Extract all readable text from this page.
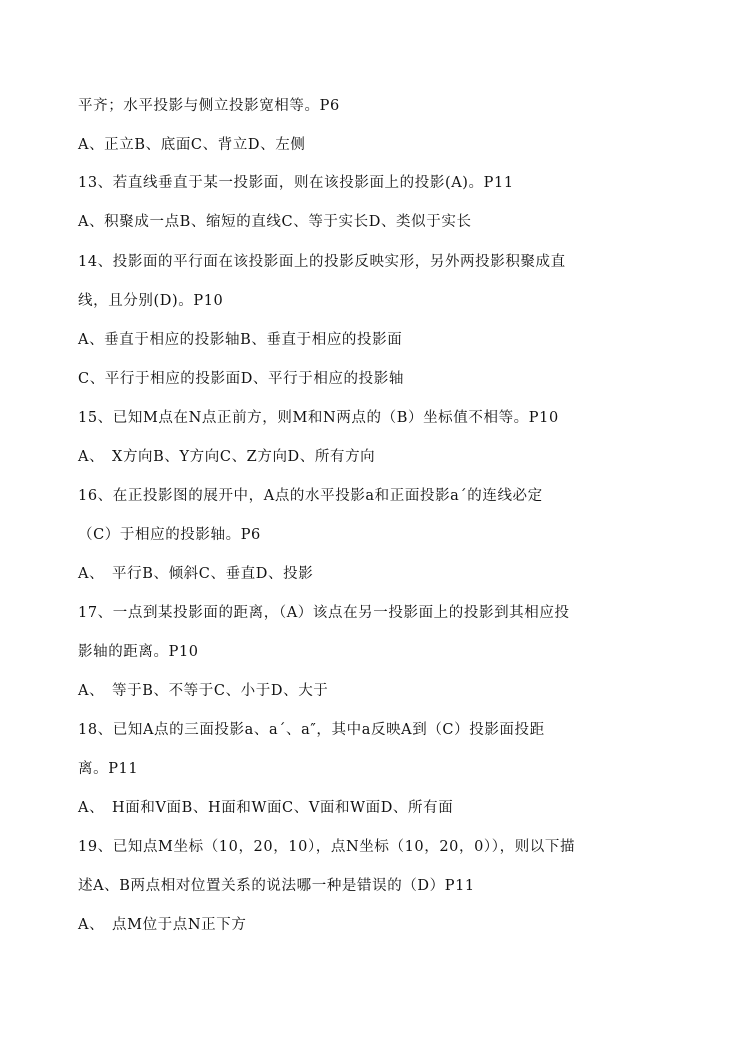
平齐；水平投影与侧立投影宽相等。P6
A、正立B、底面C、背立D、左侧
13、若直线垂直于某一投影面，则在该投影面上的投影(A)。P11
A、积聚成一点B、缩短的直线C、等于实长D、类似于实长
14、投影面的平行面在该投影面上的投影反映实形，另外两投影积聚成直
线，且分别(D)。P10
A、垂直于相应的投影轴B、垂直于相应的投影面
C、平行于相应的投影面D、平行于相应的投影轴
15、已知M点在N点正前方，则M和N两点的（B）坐标值不相等。P10
A、　X方向B、Y方向C、Z方向D、所有方向
16、在正投影图的展开中，A点的水平投影a和正面投影a´的连线必定
（C）于相应的投影轴。P6
A、　平行B、倾斜C、垂直D、投影
17、一点到某投影面的距离，（A）该点在另一投影面上的投影到其相应投
影轴的距离。P10
A、　等于B、不等于C、小于D、大于
18、已知A点的三面投影a、a´、a″，其中a反映A到（C）投影面投距
离。P11
A、　H面和V面B、H面和W面C、V面和W面D、所有面
19、已知点M坐标（10，20，10），点N坐标（10，20，0）），则以下描
述A、B两点相对位置关系的说法哪一种是错误的（D）P11
A、　点M位于点N正下方
